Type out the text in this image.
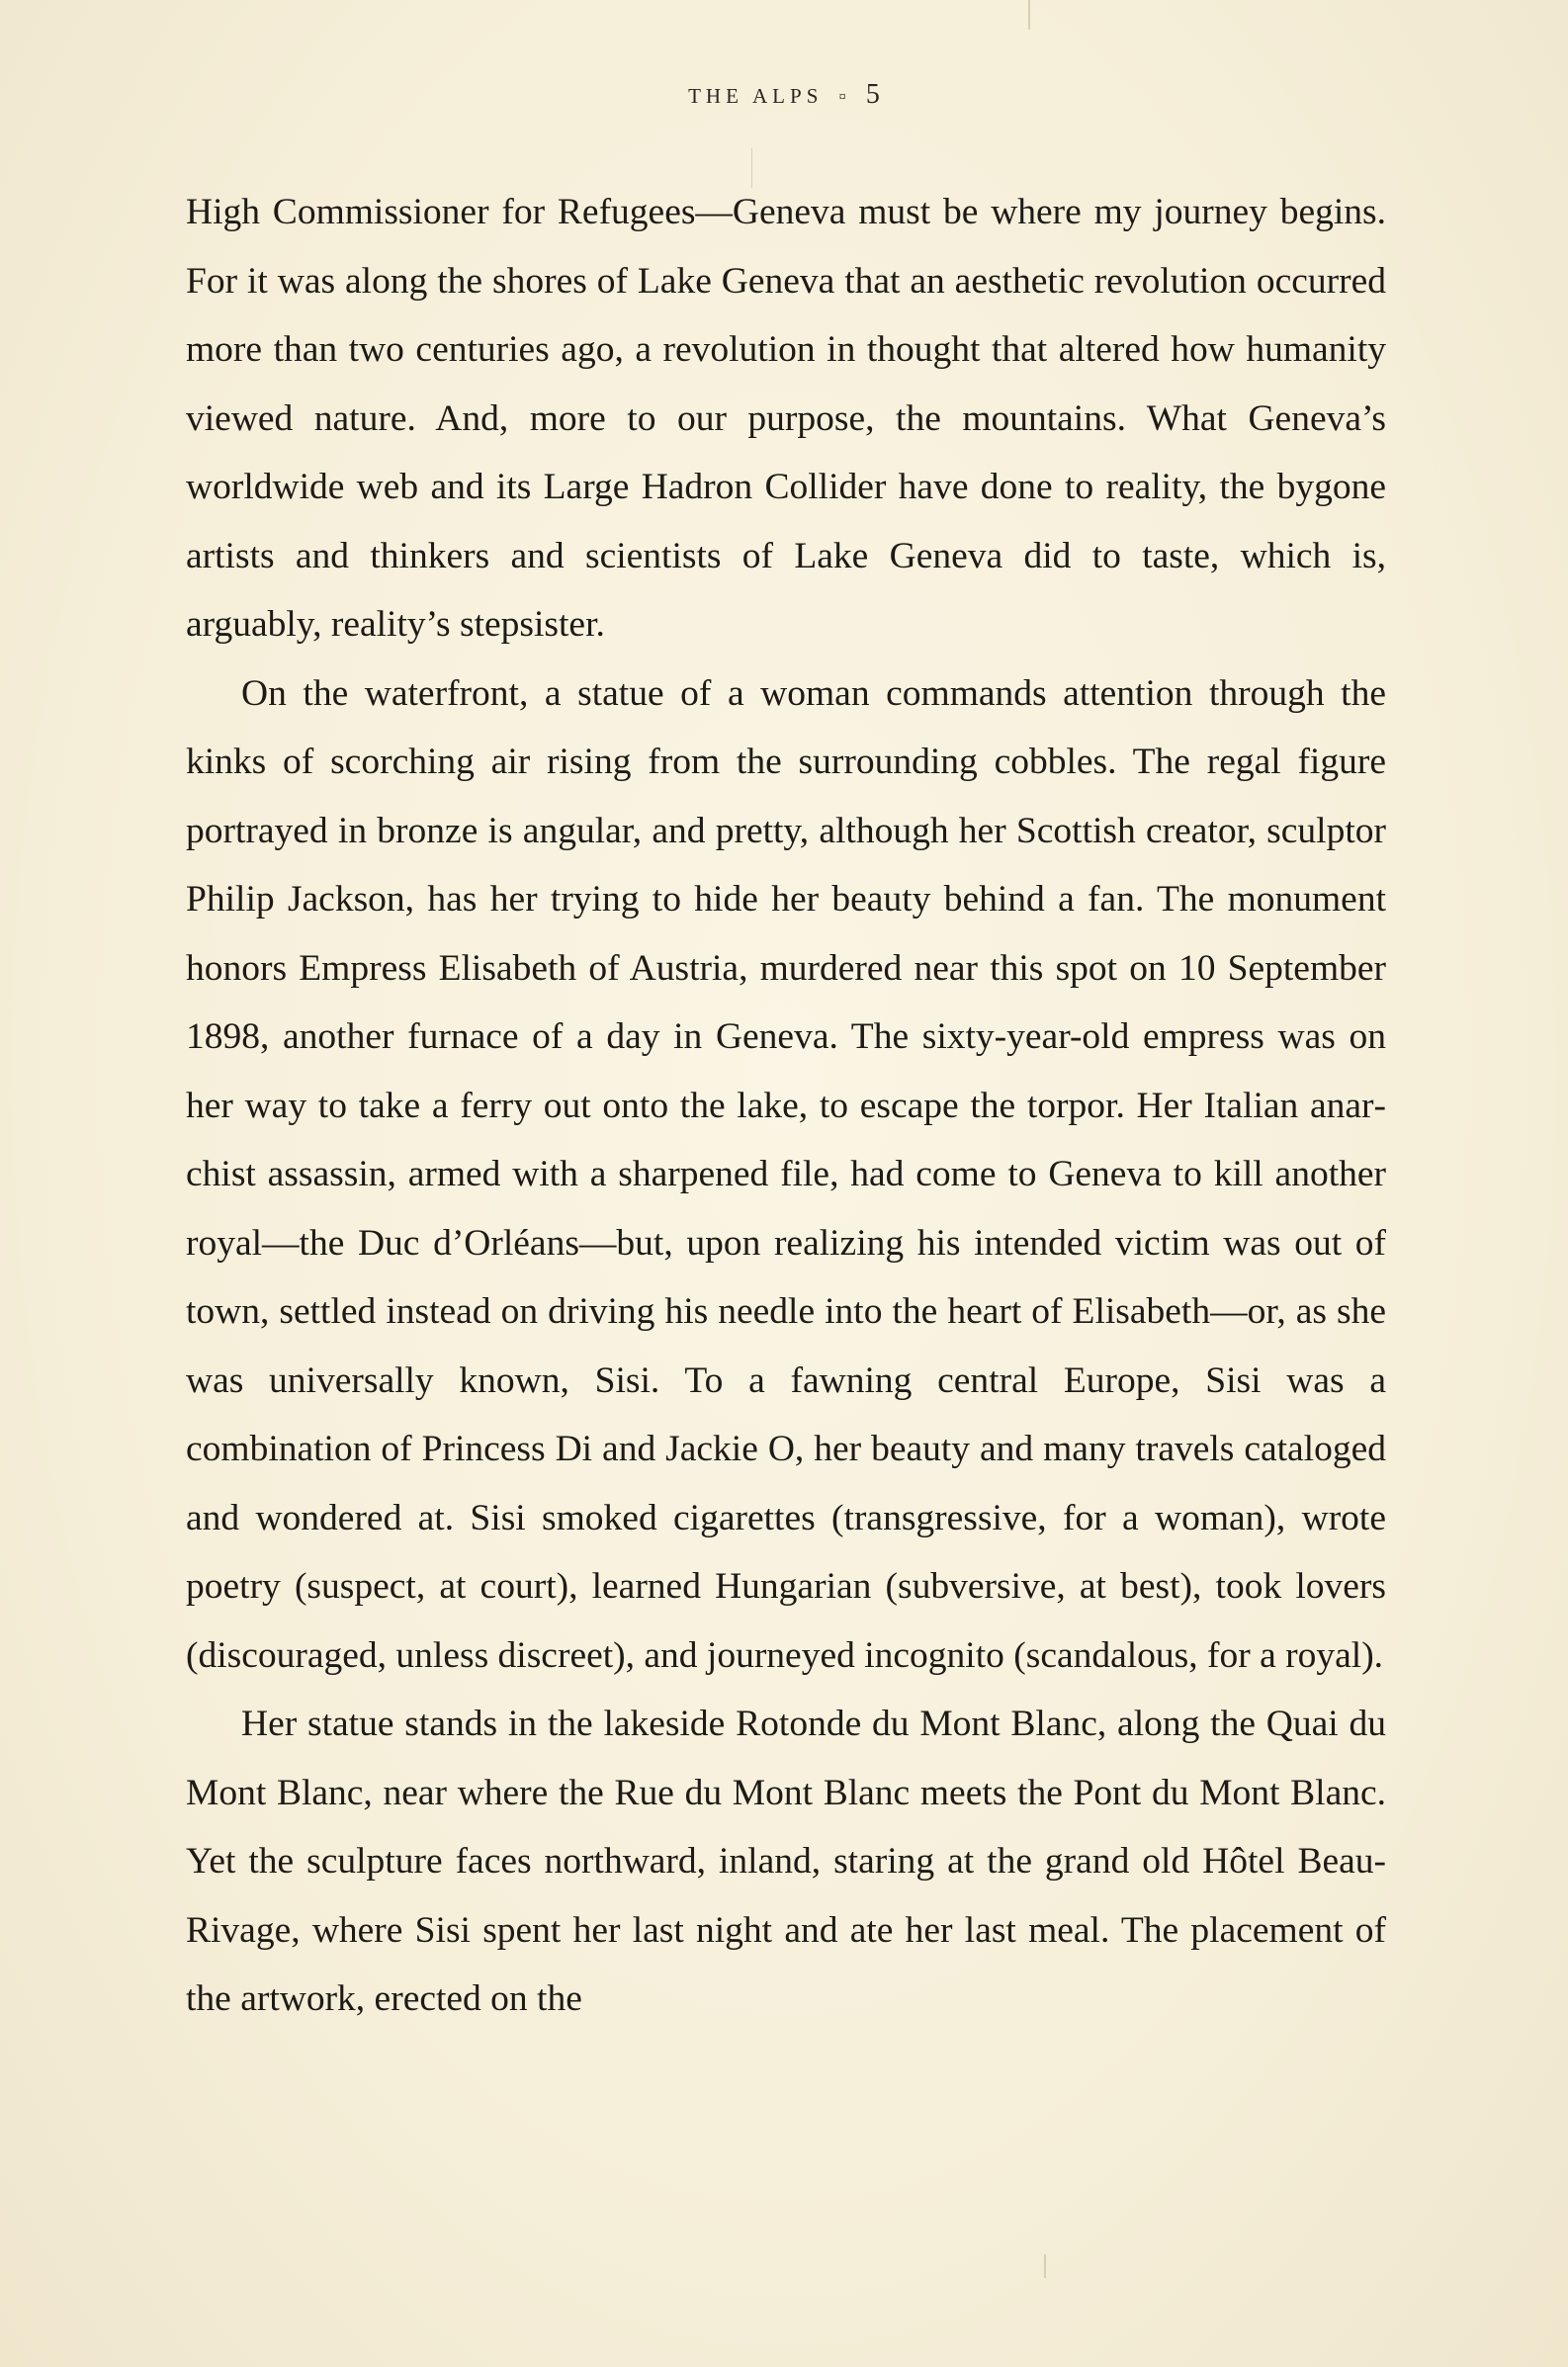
THE ALPS ¤ 5

High Commissioner for Refugees—Geneva must be where my journey begins. For it was along the shores of Lake Geneva that an aesthetic revolution occurred more than two centuries ago, a revolution in thought that altered how humanity viewed nature. And, more to our purpose, the mountains. What Geneva’s worldwide web and its Large Hadron Collider have done to reality, the bygone artists and thinkers and scientists of Lake Geneva did to taste, which is, arguably, reality’s stepsister.

On the waterfront, a statue of a woman commands attention through the kinks of scorching air rising from the surrounding cobbles. The regal figure portrayed in bronze is angular, and pretty, although her Scottish creator, sculptor Philip Jackson, has her trying to hide her beauty behind a fan. The monument honors Empress Elisabeth of Austria, murdered near this spot on 10 September 1898, another furnace of a day in Geneva. The sixty-year-old empress was on her way to take a ferry out onto the lake, to escape the torpor. Her Italian anarchist assassin, armed with a sharpened file, had come to Geneva to kill another royal—the Duc d’Orléans—but, upon realizing his intended victim was out of town, settled instead on driving his needle into the heart of Elisabeth—or, as she was universally known, Sisi. To a fawning central Europe, Sisi was a combination of Princess Di and Jackie O, her beauty and many travels cataloged and wondered at. Sisi smoked cigarettes (transgressive, for a woman), wrote poetry (suspect, at court), learned Hungarian (subversive, at best), took lovers (discouraged, unless discreet), and journeyed incognito (scandalous, for a royal).

Her statue stands in the lakeside Rotonde du Mont Blanc, along the Quai du Mont Blanc, near where the Rue du Mont Blanc meets the Pont du Mont Blanc. Yet the sculpture faces northward, inland, staring at the grand old Hôtel Beau-Rivage, where Sisi spent her last night and ate her last meal. The placement of the artwork, erected on the
